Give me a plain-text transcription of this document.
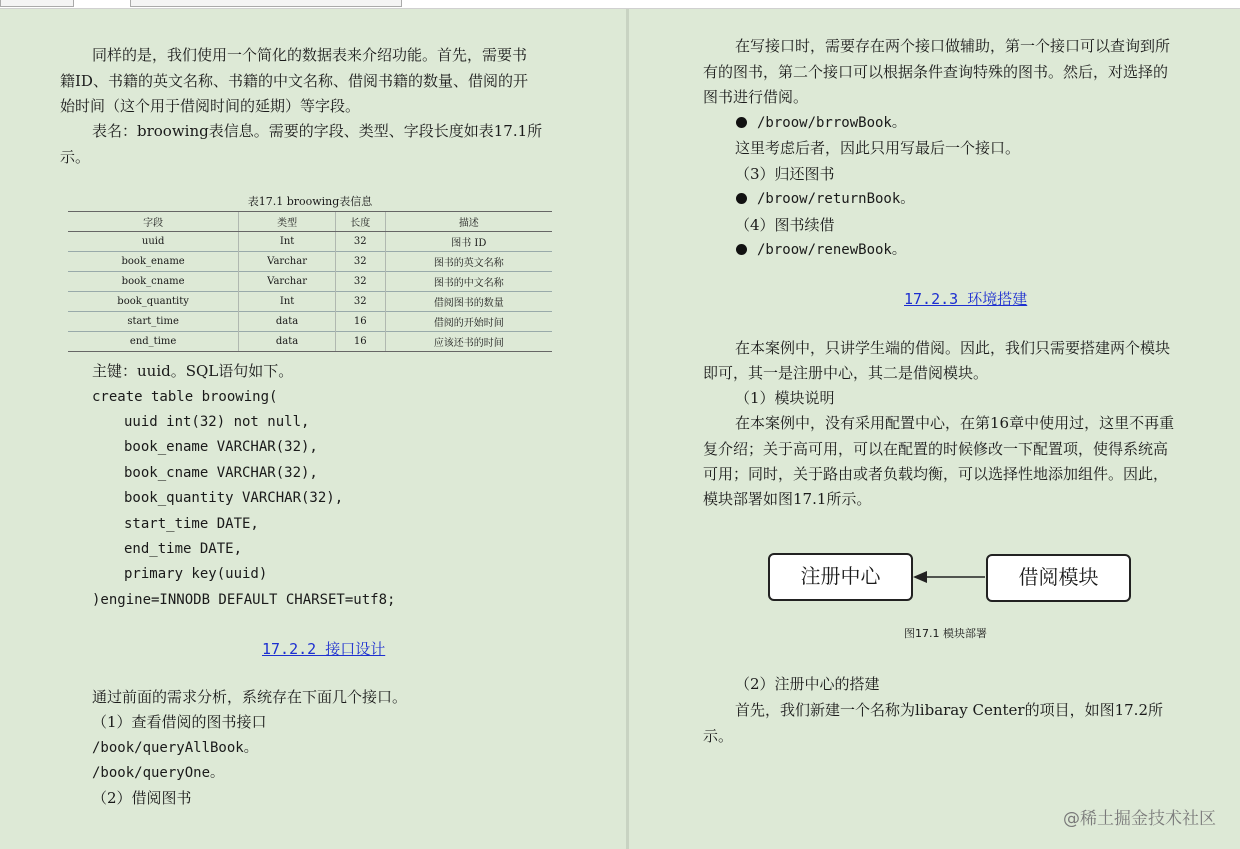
同样的是，我们使用一个简化的数据表来介绍功能。首先，需要书
籍ID、书籍的英文名称、书籍的中文名称、借阅书籍的数量、借阅的开
始时间（这个用于借阅时间的延期）等字段。
表名：broowing表信息。需要的字段、类型、字段长度如表17.1所
示。
表17.1 broowing表信息
字段	类型	长度	描述
uuid	Int	32	图书 ID
book_ename	Varchar	32	图书的英文名称
book_cname	Varchar	32	图书的中文名称
book_quantity	Int	32	借阅图书的数量
start_time	data	16	借阅的开始时间
end_time	data	16	应该还书的时间
主键：uuid。SQL语句如下。
create table broowing(
uuid int(32) not null,
book_ename VARCHAR(32),
book_cname VARCHAR(32),
book_quantity VARCHAR(32),
start_time DATE,
end_time DATE,
primary key(uuid)
)engine=INNODB DEFAULT CHARSET=utf8;
17.2.2 接口设计
通过前面的需求分析，系统存在下面几个接口。
（1）查看借阅的图书接口
/book/queryAllBook。
/book/queryOne。
（2）借阅图书
在写接口时，需要存在两个接口做辅助，第一个接口可以查询到所
有的图书，第二个接口可以根据条件查询特殊的图书。然后，对选择的
图书进行借阅。
/broow/brrowBook。
这里考虑后者，因此只用写最后一个接口。
（3）归还图书
/broow/returnBook。
（4）图书续借
/broow/renewBook。
17.2.3 环境搭建
在本案例中，只讲学生端的借阅。因此，我们只需要搭建两个模块
即可，其一是注册中心，其二是借阅模块。
（1）模块说明
在本案例中，没有采用配置中心，在第16章中使用过，这里不再重
复介绍；关于高可用，可以在配置的时候修改一下配置项，使得系统高
可用；同时，关于路由或者负载均衡，可以选择性地添加组件。因此，
模块部署如图17.1所示。
注册中心	借阅模块
图17.1 模块部署
（2）注册中心的搭建
首先，我们新建一个名称为libaray Center的项目，如图17.2所
示。
@稀土掘金技术社区
